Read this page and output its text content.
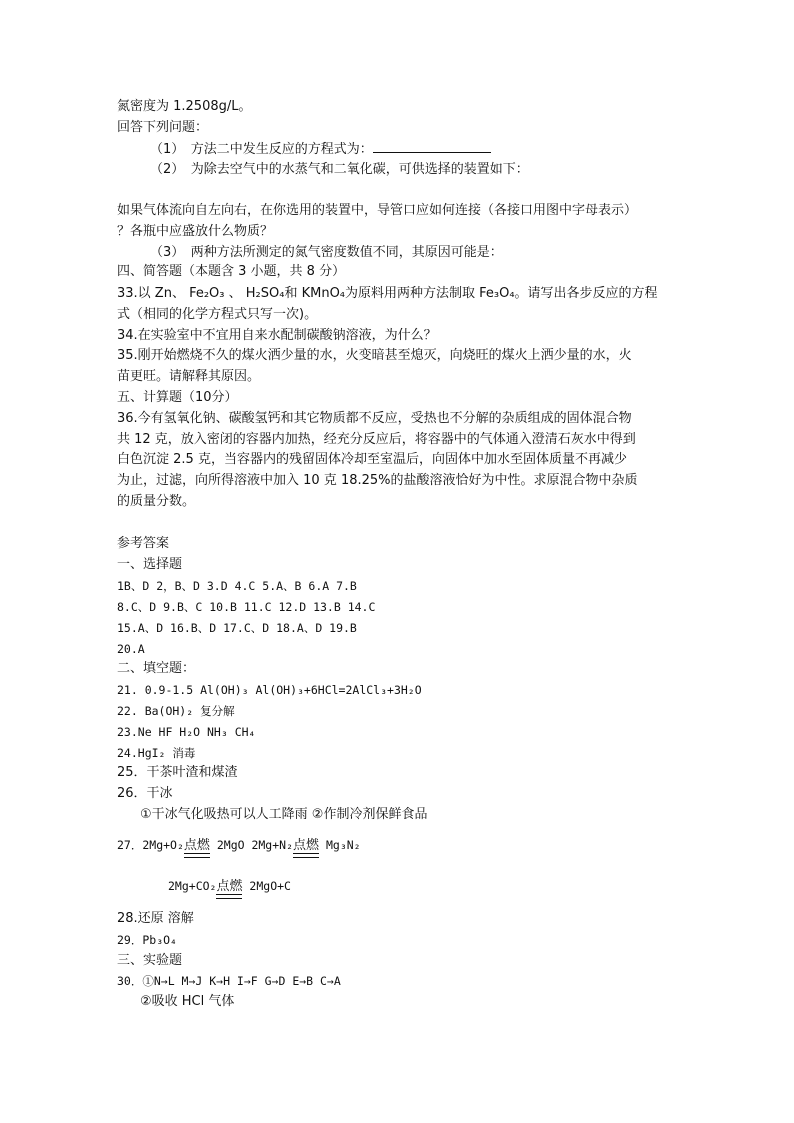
氮密度为 1.2508g/L。
回答下列问题：
（1）　方法二中发生反应的方程式为：
（2）　为除去空气中的水蒸气和二氧化碳，可供选择的装置如下：
如果气体流向自左向右，在你选用的装置中，导管口应如何连接（各接口用图中字母表示）
？各瓶中应盛放什么物质？
（3）　两种方法所测定的氮气密度数值不同，其原因可能是：
四、简答题（本题含 3 小题，共 8 分）
33.以 Zn、 Fe₂O₃ 、 H₂SO₄和 KMnO₄为原料用两种方法制取 Fe₃O₄。请写出各步反应的方程
式（相同的化学方程式只写一次)。
34.在实验室中不宜用自来水配制碳酸钠溶液，为什么？
35.刚开始燃烧不久的煤火洒少量的水，火变暗甚至熄灭，向烧旺的煤火上洒少量的水，火
苗更旺。请解释其原因。
五、计算题（10分）
36.今有氢氧化钠、碳酸氢钙和其它物质都不反应，受热也不分解的杂质组成的固体混合物
共 12 克，放入密闭的容器内加热，经充分反应后，将容器中的气体通入澄清石灰水中得到
白色沉淀 2.5 克，当容器内的残留固体冷却至室温后，向固体中加水至固体质量不再减少
为止，过滤，向所得溶液中加入 10 克 18.25%的盐酸溶液恰好为中性。求原混合物中杂质
的质量分数。
参考答案
一、选择题
1B、D 2，B、D 3.D 4.C 5.A、B 6.A 7.B
8.C、D 9.B、C 10.B 11.C 12.D 13.B 14.C
15.A、D 16.B、D 17.C、D 18.A、D 19.B
20.A
二、填空题：
21. 0.9-1.5 Al(OH)₃ Al(OH)₃+6HCl=2AlCl₃+3H₂O
22. Ba(OH)₂ 复分解
23.Ne HF H₂O NH₃ CH₄
24.HgI₂ 消毒
25．干茶叶渣和煤渣
26．干冰
①干冰气化吸热可以人工降雨 ②作制冷剂保鲜食品
27．2Mg+O₂点燃 2MgO 2Mg+N₂点燃 Mg₃N₂
2Mg+CO₂点燃 2MgO+C
28.还原 溶解
29．Pb₃O₄
三、实验题
30．①N→L M→J K→H I→F G→D E→B C→A
②吸收 HCl 气体
